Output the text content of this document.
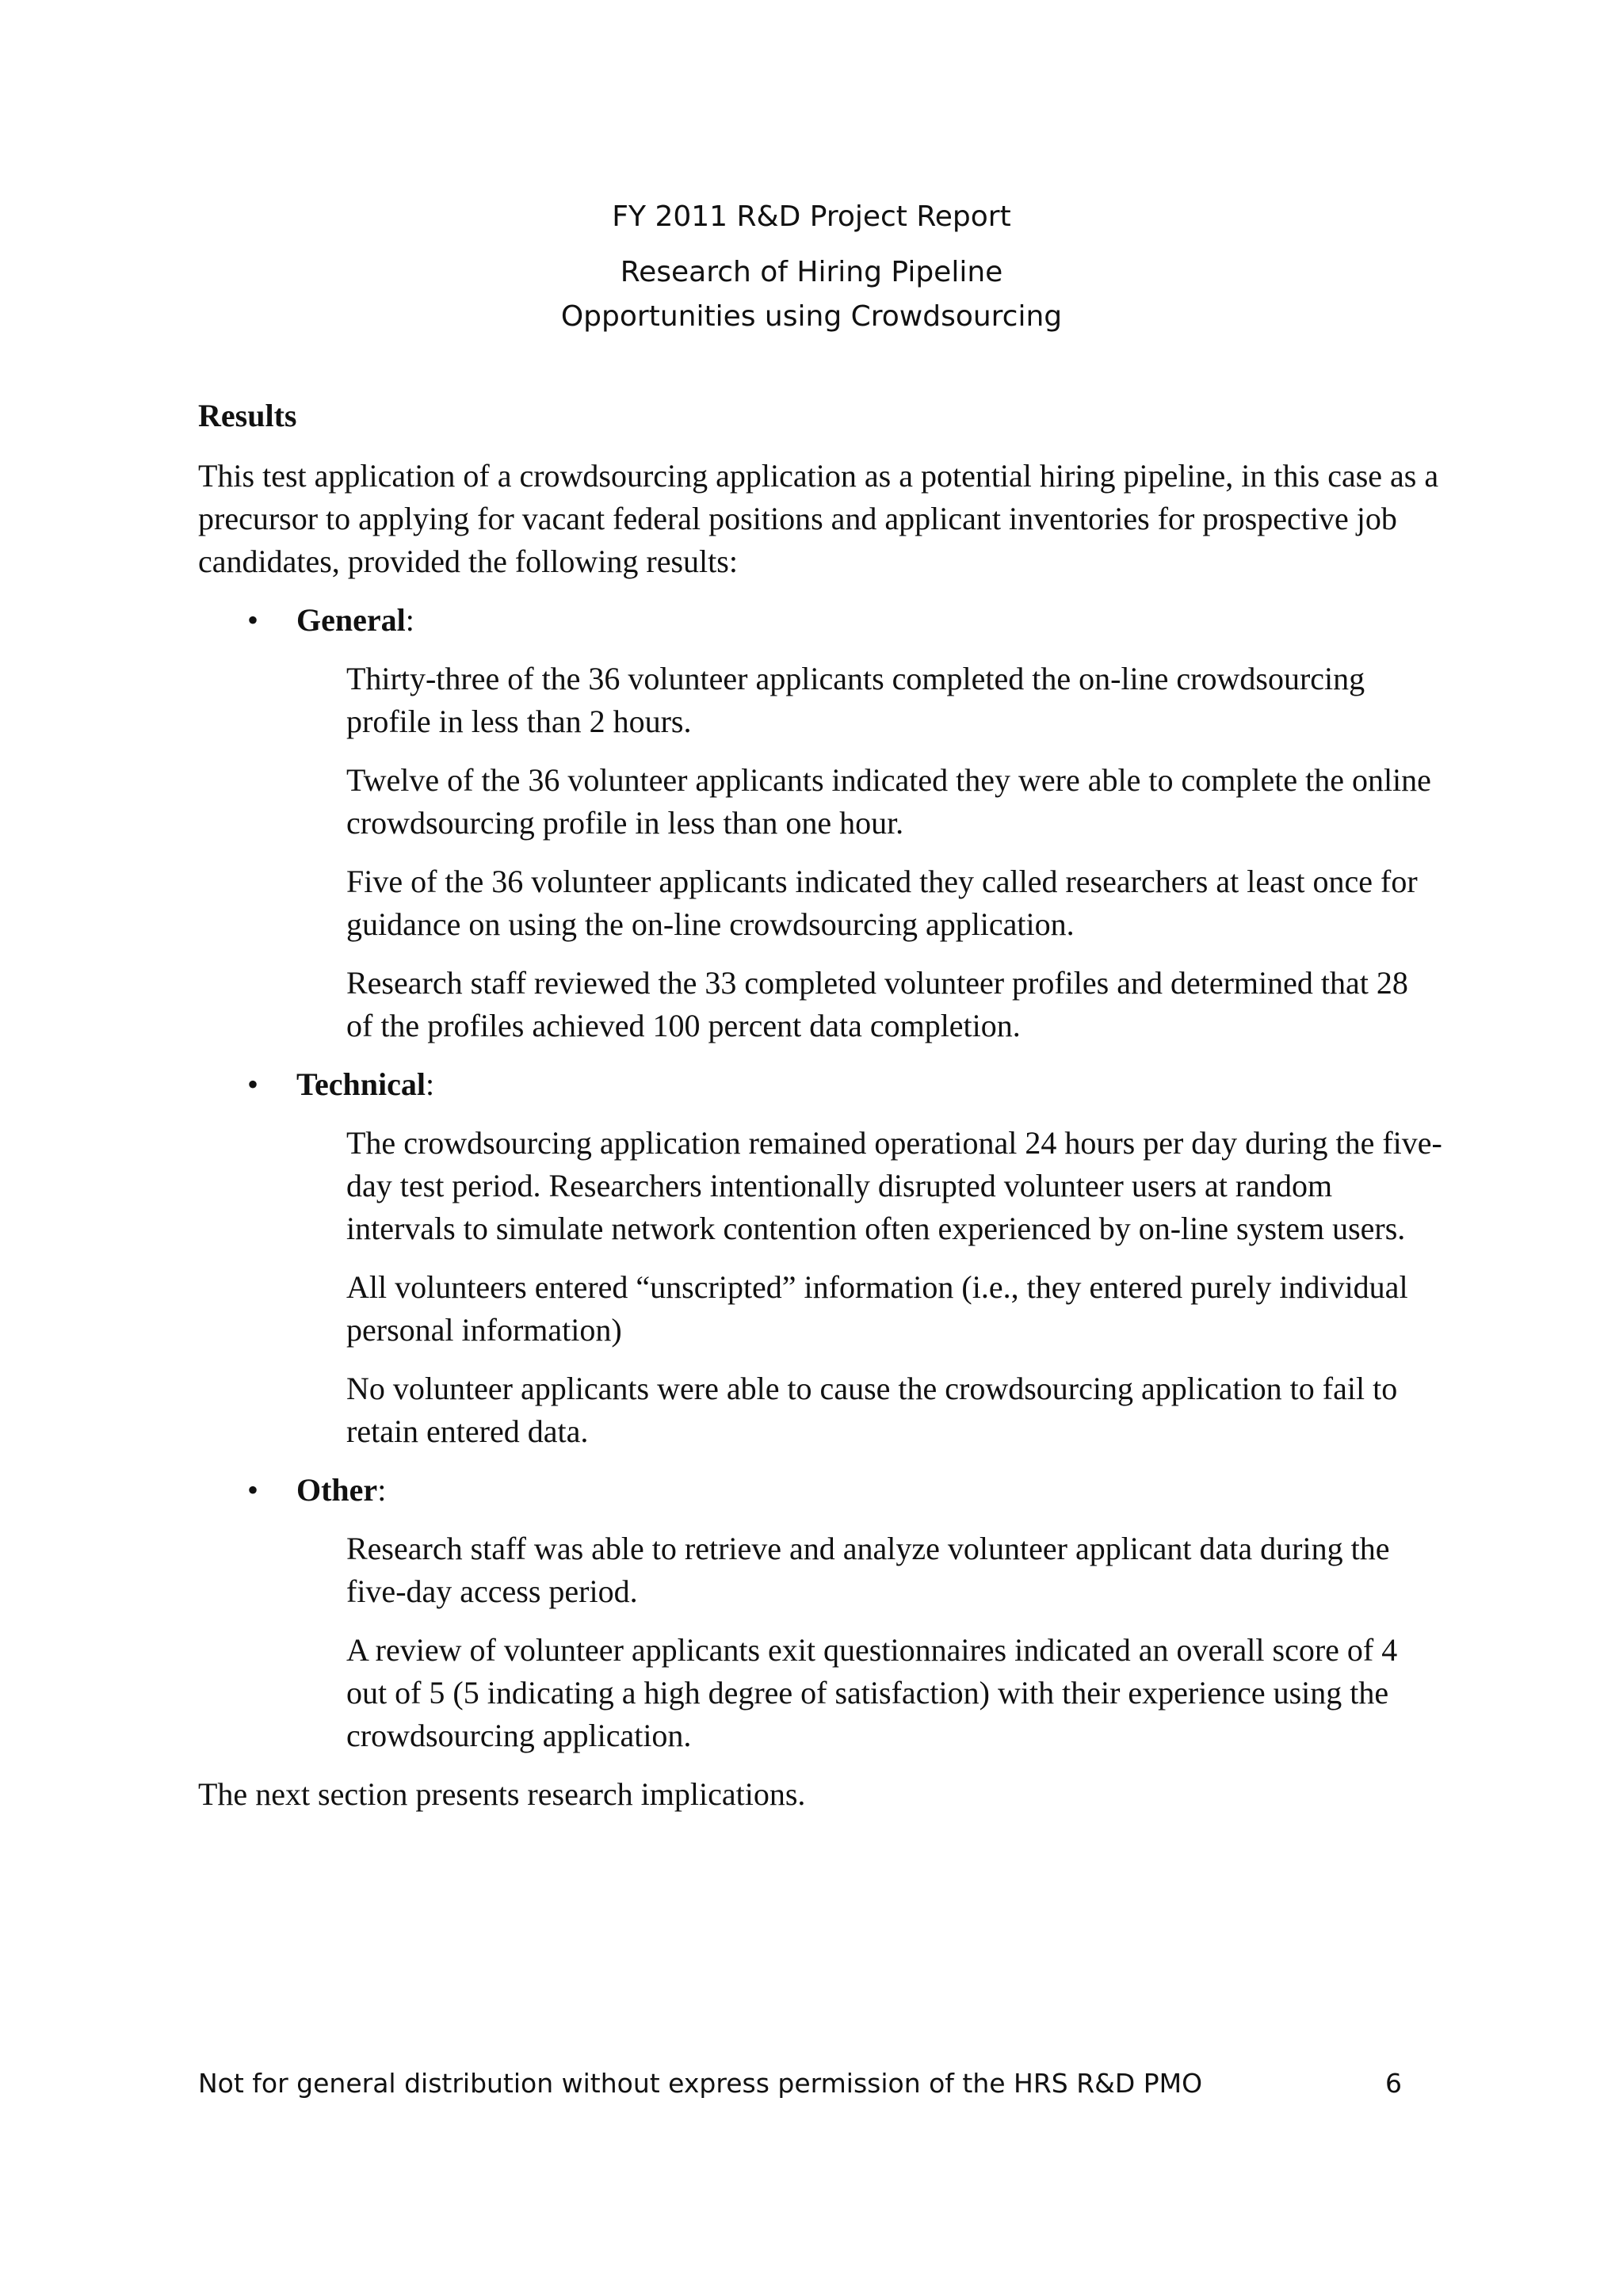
FY 2011 R&D Project Report
Research of Hiring Pipeline
Opportunities using Crowdsourcing

Results

This test application of a crowdsourcing application as a potential hiring pipeline, in this case as a precursor to applying for vacant federal positions and applicant inventories for prospective job candidates, provided the following results:

• General:

Thirty-three of the 36 volunteer applicants completed the on-line crowdsourcing profile in less than 2 hours.

Twelve of the 36 volunteer applicants indicated they were able to complete the online crowdsourcing profile in less than one hour.

Five of the 36 volunteer applicants indicated they called researchers at least once for guidance on using the on-line crowdsourcing application.

Research staff reviewed the 33 completed volunteer profiles and determined that 28 of the profiles achieved 100 percent data completion.

• Technical:

The crowdsourcing application remained operational 24 hours per day during the five-day test period. Researchers intentionally disrupted volunteer users at random intervals to simulate network contention often experienced by on-line system users.

All volunteers entered “unscripted” information (i.e., they entered purely individual personal information)

No volunteer applicants were able to cause the crowdsourcing application to fail to retain entered data.

• Other:

Research staff was able to retrieve and analyze volunteer applicant data during the five-day access period.

A review of volunteer applicants exit questionnaires indicated an overall score of 4 out of 5 (5 indicating a high degree of satisfaction) with their experience using the crowdsourcing application.

The next section presents research implications.

Not for general distribution without express permission of the HRS R&D PMO	6
